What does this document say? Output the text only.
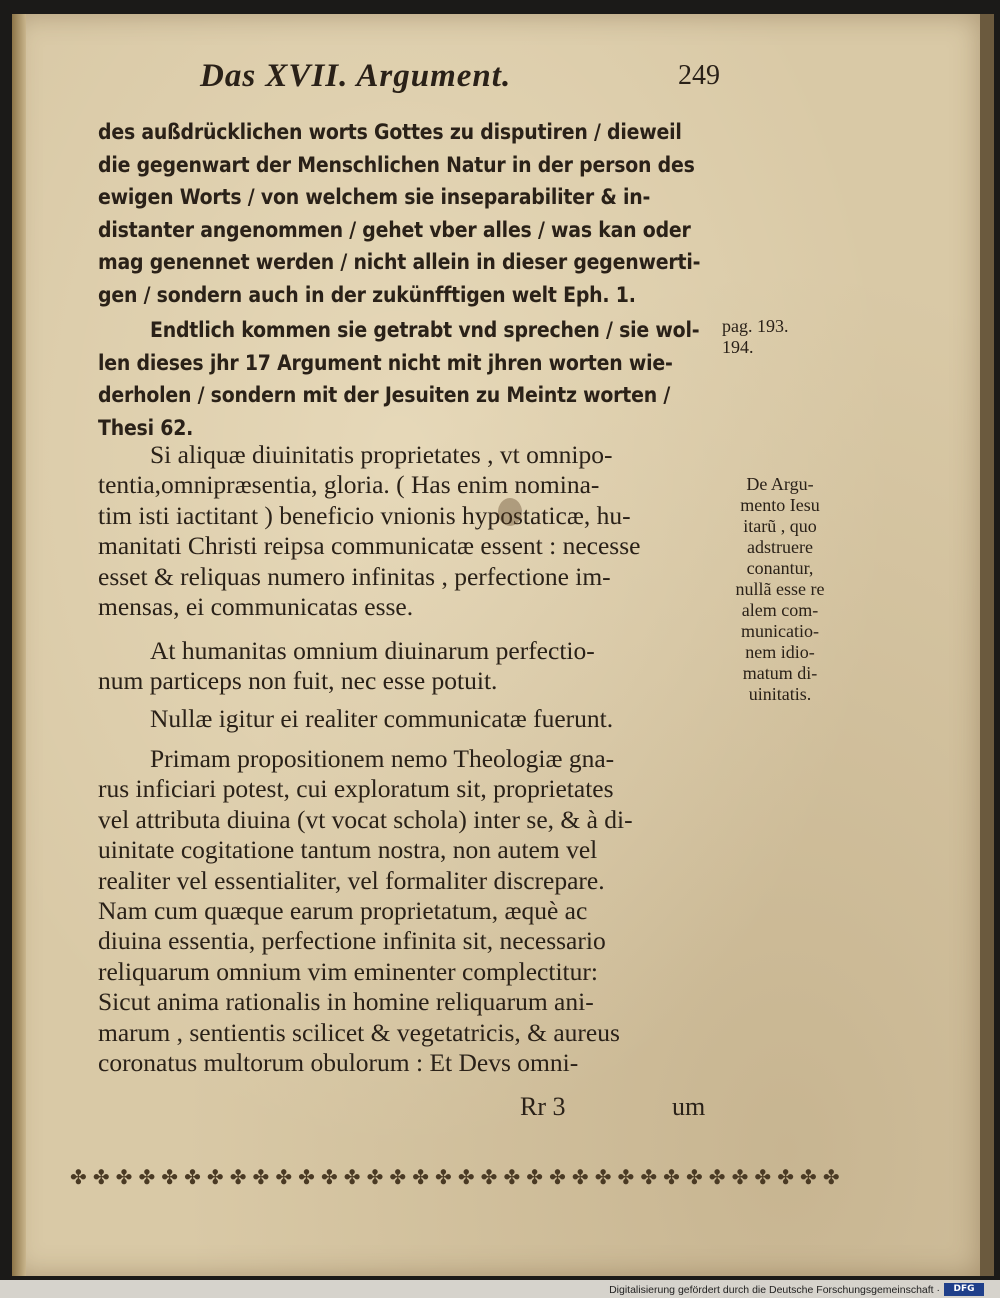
Das XVII. Argument.	249
des außdrücklichen worts Gottes zu disputiren / dieweil
die gegenwart der Menschlichen Natur in der person des
ewigen Worts / von welchem sie inseparabiliter & in-
distanter angenommen / gehet vber alles / was kan oder
mag genennet werden / nicht allein in dieser gegenwerti-
gen / sondern auch in der zukünfftigen welt Eph. 1.
Endtlich kommen sie getrabt vnd sprechen / sie wol-
len dieses jhr 17 Argument nicht mit jhren worten wie-
derholen / sondern mit der Jesuiten zu Meintz worten /
Thesi 62.
Si aliquæ diuinitatis proprietates , vt omnipo-
tentia,omnipræsentia, gloria. ( Has enim nomina-
tim isti iactitant ) beneficio vnionis hypostaticæ, hu-
manitati Christi reipsa communicatæ essent : necesse
esset & reliquas numero infinitas , perfectione im-
mensas, ei communicatas esse.
At humanitas omnium diuinarum perfectio-
num particeps non fuit, nec esse potuit.
Nullæ igitur ei realiter communicatæ fuerunt.
Primam propositionem nemo Theologiæ gna-
rus inficiari potest, cui exploratum sit, proprietates
vel attributa diuina (vt vocat schola) inter se, & à di-
uinitate cogitatione tantum nostra, non autem vel
realiter vel essentialiter, vel formaliter discrepare.
Nam cum quæque earum proprietatum, æquè ac
diuina essentia, perfectione infinita sit, necessario
reliquarum omnium vim eminenter complectitur:
Sicut anima rationalis in homine reliquarum ani-
marum , sentientis scilicet & vegetatricis, & aureus
coronatus multorum obulorum : Et Devs omni-
pag. 193.
194.
De Argu-
mento Iesu
itarũ , quo
adstruere
conantur,
nullã esse re
alem com-
municatio-
nem idio-
matum di-
uinitatis.
Rr 3	um
✤ ✤ ✤ ✤ ✤ ✤ ✤ ✤ ✤ ✤ ✤ ✤ ✤ ✤ ✤ ✤ ✤ ✤ ✤ ✤ ✤ ✤ ✤ ✤ ✤ ✤ ✤ ✤ ✤ ✤ ✤ ✤ ✤ ✤
Digitalisierung gefördert durch die Deutsche Forschungsgemeinschaft ·	DFG
